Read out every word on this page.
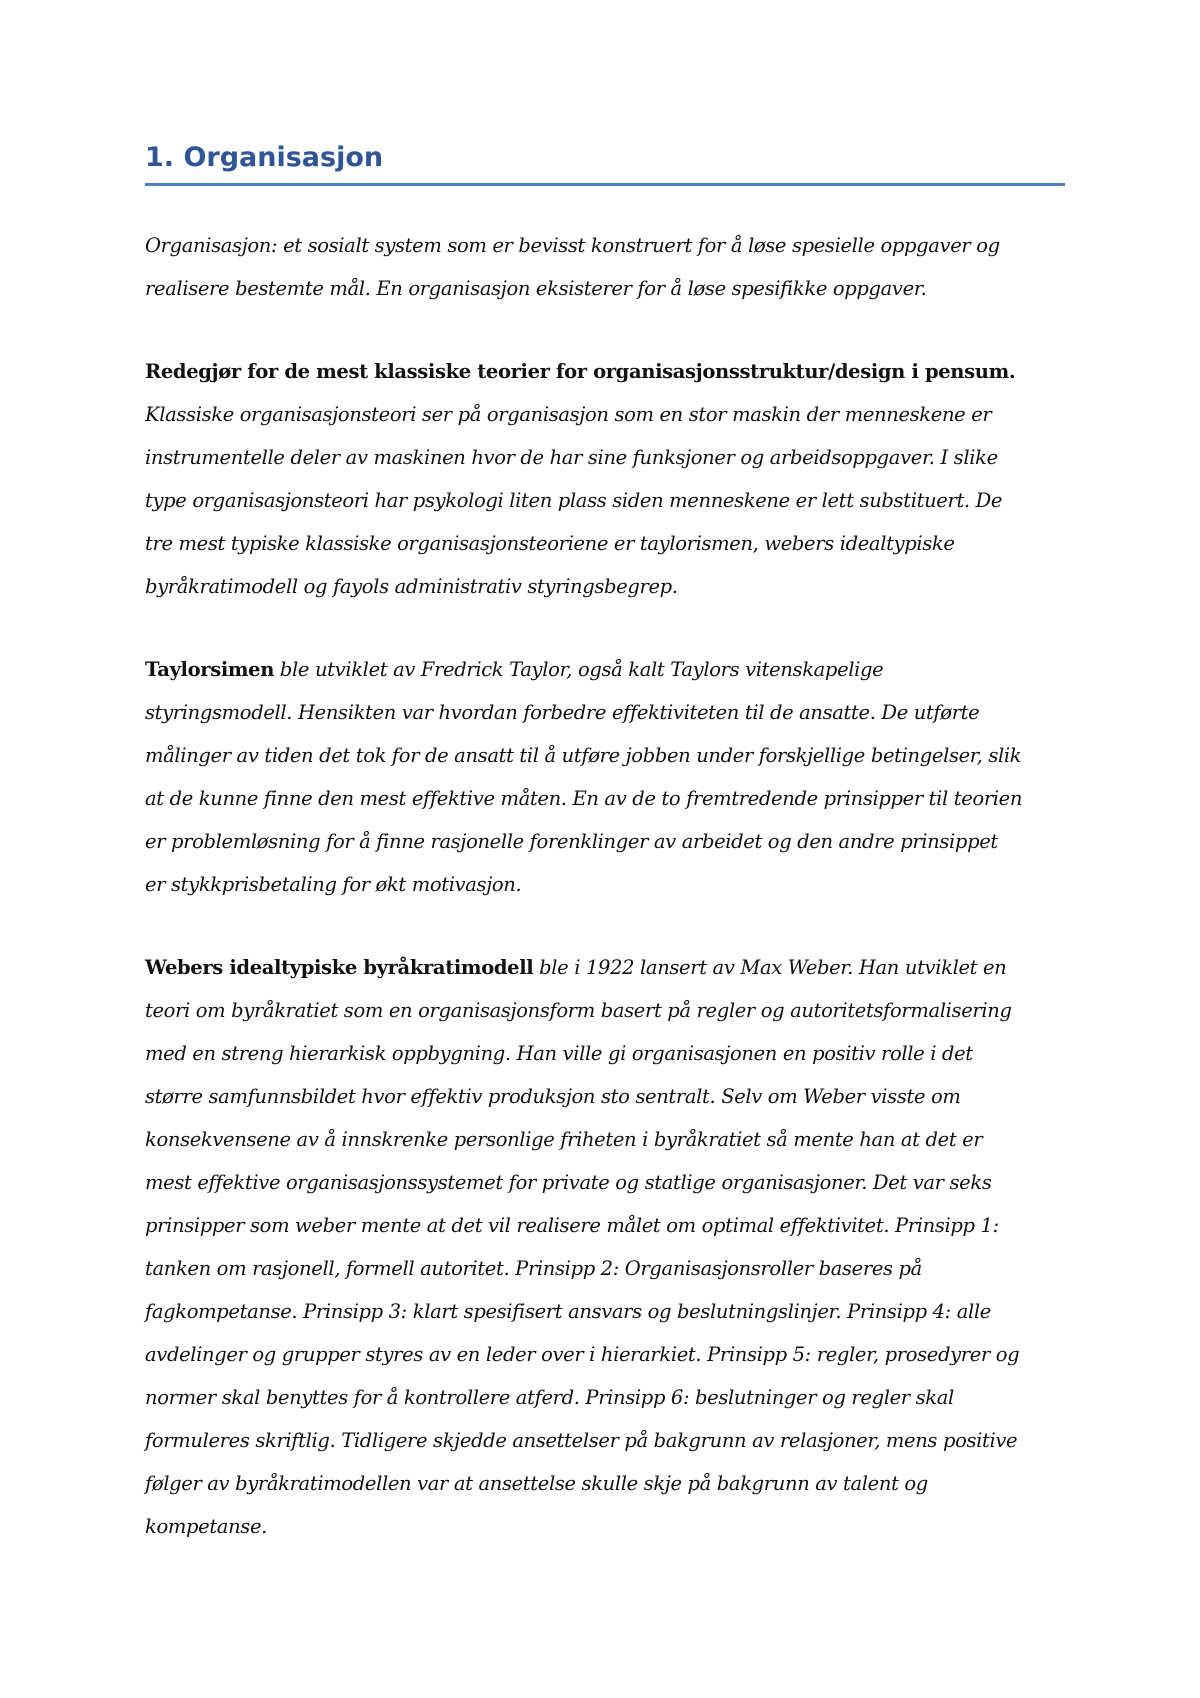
1. Organisasjon

Organisasjon: et sosialt system som er bevisst konstruert for å løse spesielle oppgaver og
realisere bestemte mål. En organisasjon eksisterer for å løse spesifikke oppgaver.

Redegjør for de mest klassiske teorier for organisasjonsstruktur/design i pensum.
Klassiske organisasjonsteori ser på organisasjon som en stor maskin der menneskene er
instrumentelle deler av maskinen hvor de har sine funksjoner og arbeidsoppgaver. I slike
type organisasjonsteori har psykologi liten plass siden menneskene er lett substituert. De
tre mest typiske klassiske organisasjonsteoriene er taylorismen, webers idealtypiske
byråkratimodell og fayols administrativ styringsbegrep.

Taylorsimen ble utviklet av Fredrick Taylor, også kalt Taylors vitenskapelige
styringsmodell. Hensikten var hvordan forbedre effektiviteten til de ansatte. De utførte
målinger av tiden det tok for de ansatt til å utføre jobben under forskjellige betingelser, slik
at de kunne finne den mest effektive måten. En av de to fremtredende prinsipper til teorien
er problemløsning for å finne rasjonelle forenklinger av arbeidet og den andre prinsippet
er stykkprisbetaling for økt motivasjon.

Webers idealtypiske byråkratimodell ble i 1922 lansert av Max Weber. Han utviklet en
teori om byråkratiet som en organisasjonsform basert på regler og autoritetsformalisering
med en streng hierarkisk oppbygning. Han ville gi organisasjonen en positiv rolle i det
større samfunnsbildet hvor effektiv produksjon sto sentralt. Selv om Weber visste om
konsekvensene av å innskrenke personlige friheten i byråkratiet så mente han at det er
mest effektive organisasjonssystemet for private og statlige organisasjoner. Det var seks
prinsipper som weber mente at det vil realisere målet om optimal effektivitet. Prinsipp 1:
tanken om rasjonell, formell autoritet. Prinsipp 2: Organisasjonsroller baseres på
fagkompetanse. Prinsipp 3: klart spesifisert ansvars og beslutningslinjer. Prinsipp 4: alle
avdelinger og grupper styres av en leder over i hierarkiet. Prinsipp 5: regler, prosedyrer og
normer skal benyttes for å kontrollere atferd. Prinsipp 6: beslutninger og regler skal
formuleres skriftlig. Tidligere skjedde ansettelser på bakgrunn av relasjoner, mens positive
følger av byråkratimodellen var at ansettelse skulle skje på bakgrunn av talent og
kompetanse.
